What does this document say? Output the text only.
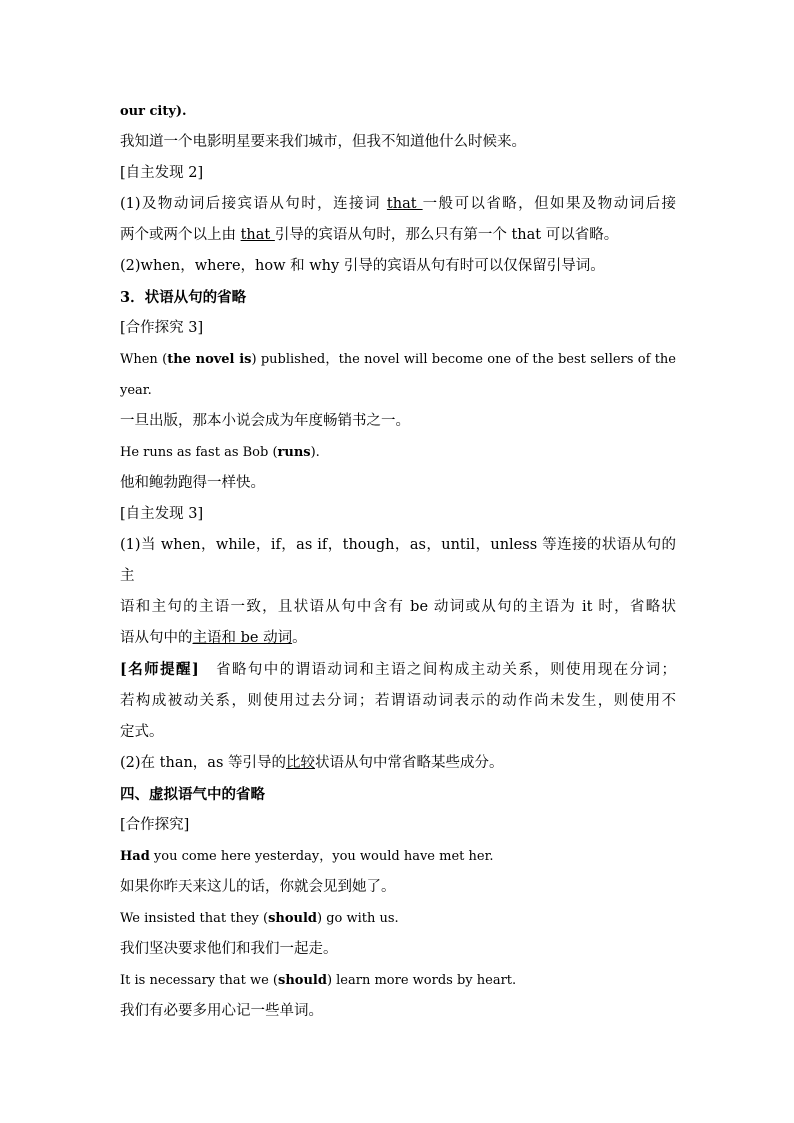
our city).
我知道一个电影明星要来我们城市，但我不知道他什么时候来。
[自主发现 2]
(1)及物动词后接宾语从句时，连接词 that 一般可以省略，但如果及物动词后接
两个或两个以上由 that 引导的宾语从句时，那么只有第一个 that 可以省略。
(2)when，where，how 和 why 引导的宾语从句有时可以仅保留引导词。
3．状语从句的省略
[合作探究 3]
When (the novel is) published，the novel will become one of the best sellers of the
year.
一旦出版，那本小说会成为年度畅销书之一。
He runs as fast as Bob (runs).
他和鲍勃跑得一样快。
[自主发现 3]
(1)当 when，while，if，as if，though，as，until，unless 等连接的状语从句的主
语和主句的主语一致，且状语从句中含有 be 动词或从句的主语为 it 时，省略状
语从句中的主语和 be 动词。
[名师提醒]　省略句中的谓语动词和主语之间构成主动关系，则使用现在分词；
若构成被动关系，则使用过去分词；若谓语动词表示的动作尚未发生，则使用不
定式。
(2)在 than，as 等引导的比较状语从句中常省略某些成分。
四、虚拟语气中的省略
[合作探究]
Had you come here yesterday，you would have met her.
如果你昨天来这儿的话，你就会见到她了。
We insisted that they (should) go with us.
我们坚决要求他们和我们一起走。
It is necessary that we (should) learn more words by heart.
我们有必要多用心记一些单词。
